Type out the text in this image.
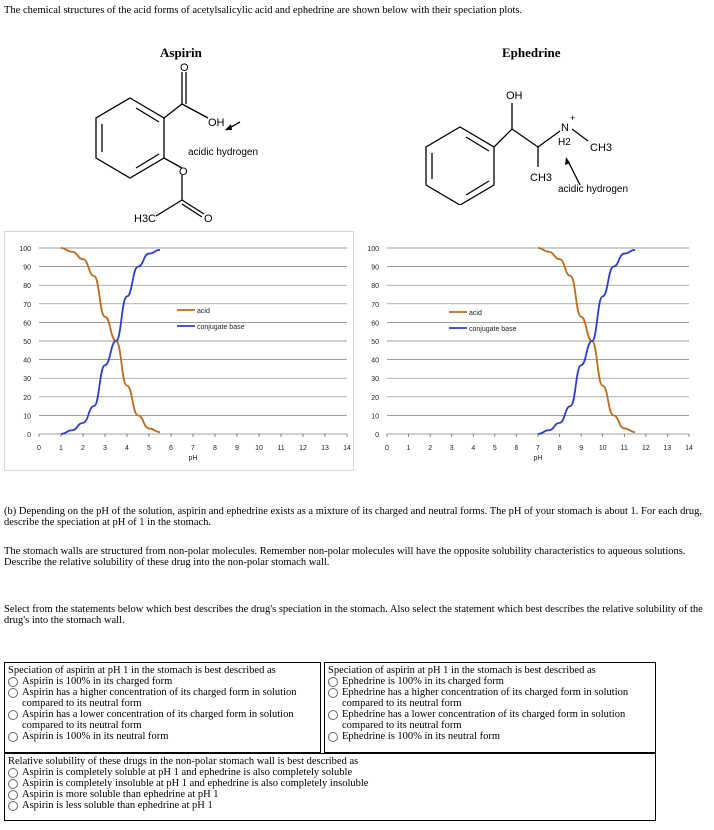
The chemical structures of the acid forms of acetylsalicylic acid and ephedrine are shown below with their speciation plots.
Aspirin
O
OH
O
O
H3C
acidic hydrogen
Ephedrine
OH
N
+
H2 CH3
CH3
acidic hydrogen
0
10
20
30
40
50
60
70
80
90
100
0	1	2	3	4	5	6	7	8	9 10 11 12 13 14
pH
acid
conjugate base
0
10
20
30
40
50
60
70
80
90
100
0	1	2	3	4	5	6	7	8	9 10 11 12 13 14
pH
acid
conjugate base
(b) Depending on the pH of the solution, aspirin and ephedrine exists as a mixture of its charged and neutral forms. The pH of your stomach is about 1. For each drug, describe the speciation at pH of 1 in the stomach.
The stomach walls are structured from non-polar molecules. Remember non-polar molecules will have the opposite solubility characteristics to aqueous solutions. Describe the relative solubility of these drug into the non-polar stomach wall.
Select from the statements below which best describes the drug's speciation in the stomach. Also select the statement which best describes the relative solubility of the drug's into the stomach wall.
Speciation of aspirin at pH 1 in the stomach is best described as
Aspirin is 100% in its charged form
Aspirin has a higher concentration of its charged form in solution compared to its neutral form
Aspirin has a lower concentration of its charged form in solution compared to its neutral form
Aspirin is 100% in its neutral form
Speciation of aspirin at pH 1 in the stomach is best described as
Ephedrine is 100% in its charged form
Ephedrine has a higher concentration of its charged form in solution compared to its neutral form
Ephedrine has a lower concentration of its charged form in solution compared to its neutral form
Ephedrine is 100% in its neutral form
Relative solubility of these drugs in the non-polar stomach wall is best described as
Aspirin is completely soluble at pH 1 and ephedrine is also completely soluble
Aspirin is completely insoluble at pH 1 and ephedrine is also completely insoluble
Aspirin is more soluble than ephedrine at pH 1
Aspirin is less soluble than ephedrine at pH 1
